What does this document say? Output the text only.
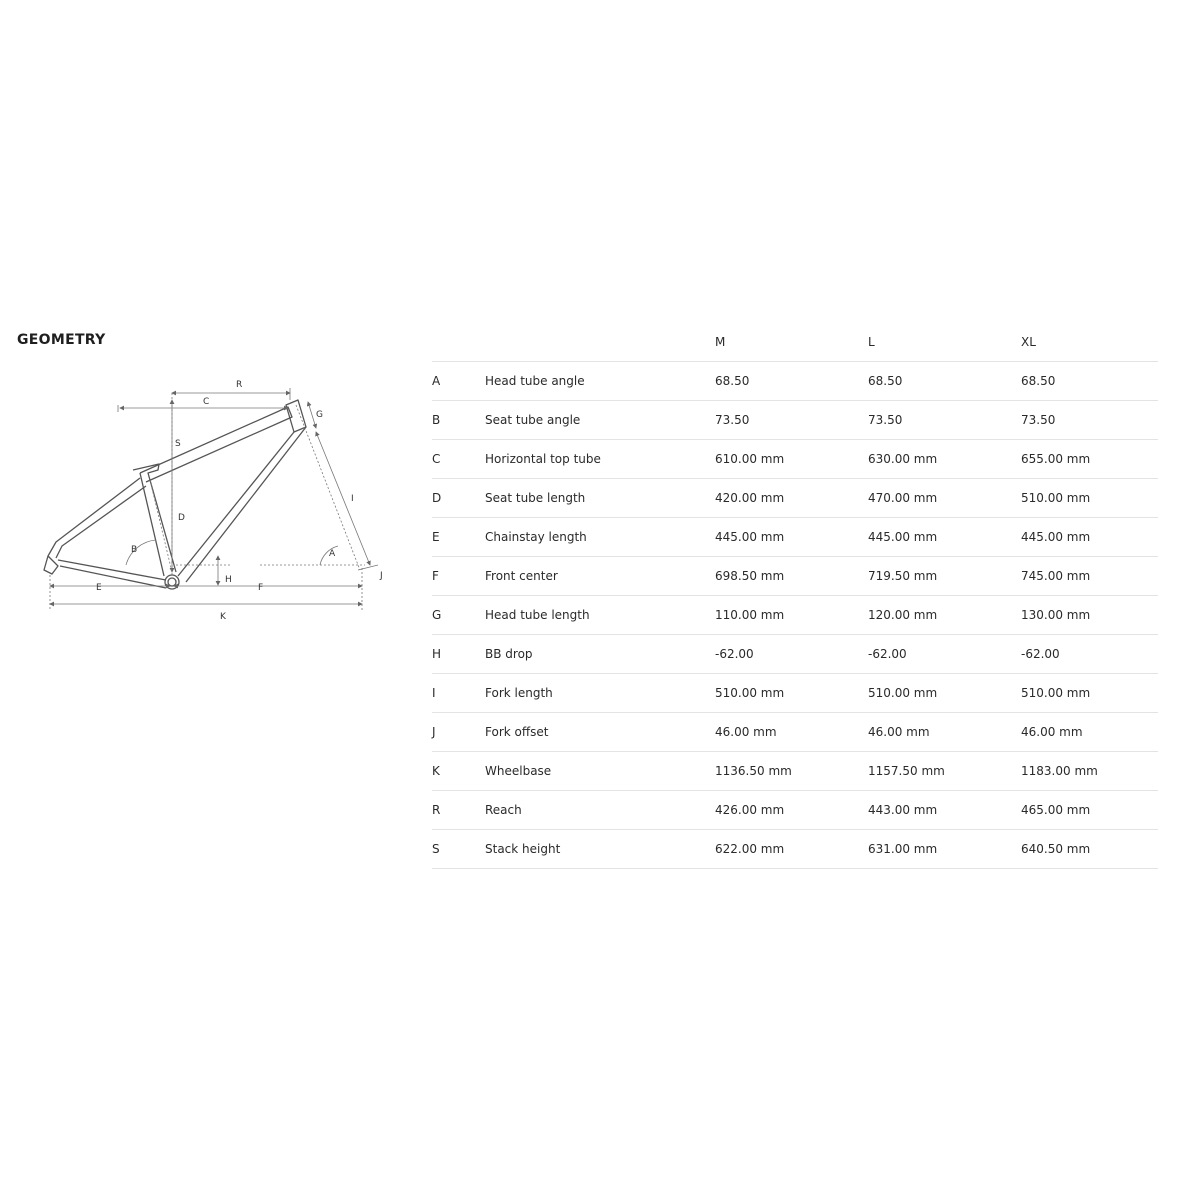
GEOMETRY
R
C
G
S
I
D
B	A
J
H
E	F
K
		M	L	XL
A	Head tube angle	68.50	68.50	68.50
B	Seat tube angle	73.50	73.50	73.50
C	Horizontal top tube	610.00 mm	630.00 mm	655.00 mm
D	Seat tube length	420.00 mm	470.00 mm	510.00 mm
E	Chainstay length	445.00 mm	445.00 mm	445.00 mm
F	Front center	698.50 mm	719.50 mm	745.00 mm
G	Head tube length	110.00 mm	120.00 mm	130.00 mm
H	BB drop	-62.00	-62.00	-62.00
I	Fork length	510.00 mm	510.00 mm	510.00 mm
J	Fork offset	46.00 mm	46.00 mm	46.00 mm
K	Wheelbase	1136.50 mm	1157.50 mm	1183.00 mm
R	Reach	426.00 mm	443.00 mm	465.00 mm
S	Stack height	622.00 mm	631.00 mm	640.50 mm
